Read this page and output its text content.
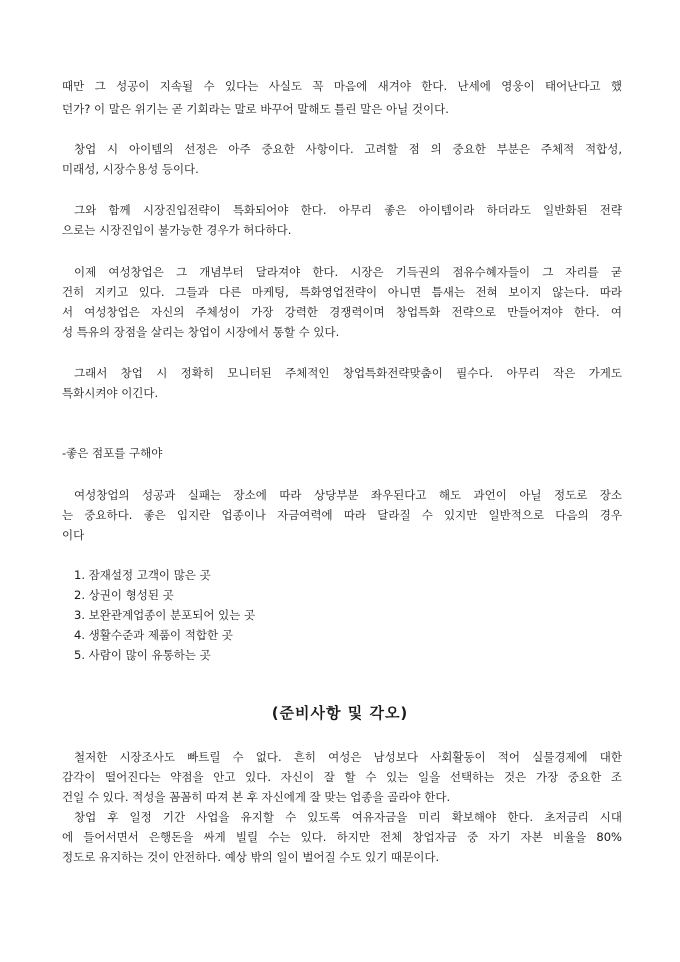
때만 그 성공이 지속될 수 있다는 사실도 꼭 마음에 새겨야 한다. 난세에 영웅이 태어난다고 했
던가? 이 말은 위기는 곧 기회라는 말로 바꾸어 말해도 틀린 말은 아닐 것이다.
창업 시 아이템의 선정은 아주 중요한 사항이다. 고려할 점 의 중요한 부분은 주체적 적합성,
미래성, 시장수용성 등이다.
그와 함께 시장진입전략이 특화되어야 한다. 아무리 좋은 아이템이라 하더라도 일반화된 전략
으로는 시장진입이 불가능한 경우가 허다하다.
이제 여성창업은 그 개념부터 달라져야 한다. 시장은 기득권의 점유수혜자들이 그 자리를 굳
건히 지키고 있다. 그들과 다른 마케팅, 특화영업전략이 아니면 틈새는 전혀 보이지 않는다. 따라
서 여성창업은 자신의 주체성이 가장 강력한 경쟁력이며 창업특화 전략으로 만들어져야 한다. 여
성 특유의 장점을 살리는 창업이 시장에서 통할 수 있다.
그래서 창업 시 정확히 모니터된 주체적인 창업특화전략맞춤이 필수다. 아무리 작은 가게도
특화시켜야 이긴다.
-좋은 점포를 구해야
여성창업의 성공과 실패는 장소에 따라 상당부분 좌우된다고 해도 과언이 아닐 정도로 장소
는 중요하다. 좋은 입지란 업종이나 자금여력에 따라 달라질 수 있지만 일반적으로 다음의 경우
이다
1. 잠재설정 고객이 많은 곳
2. 상권이 형성된 곳
3. 보완관계업종이 분포되어 있는 곳
4. 생활수준과 제품이 적합한 곳
5. 사람이 많이 유통하는 곳
(준비사항 및 각오)
철저한 시장조사도 빠트릴 수 없다. 흔히 여성은 남성보다 사회활동이 적어 실물경제에 대한
감각이 떨어진다는 약점을 안고 있다. 자신이 잘 할 수 있는 일을 선택하는 것은 가장 중요한 조
건일 수 있다. 적성을 꼼꼼히 따져 본 후 자신에게 잘 맞는 업종을 골라야 한다.
창업 후 일정 기간 사업을 유지할 수 있도록 여유자금을 미리 확보해야 한다. 초저금리 시대
에 들어서면서 은행돈을 싸게 빌릴 수는 있다. 하지만 전체 창업자금 중 자기 자본 비율을 80%
정도로 유지하는 것이 안전하다. 예상 밖의 일이 벌어질 수도 있기 때문이다.
